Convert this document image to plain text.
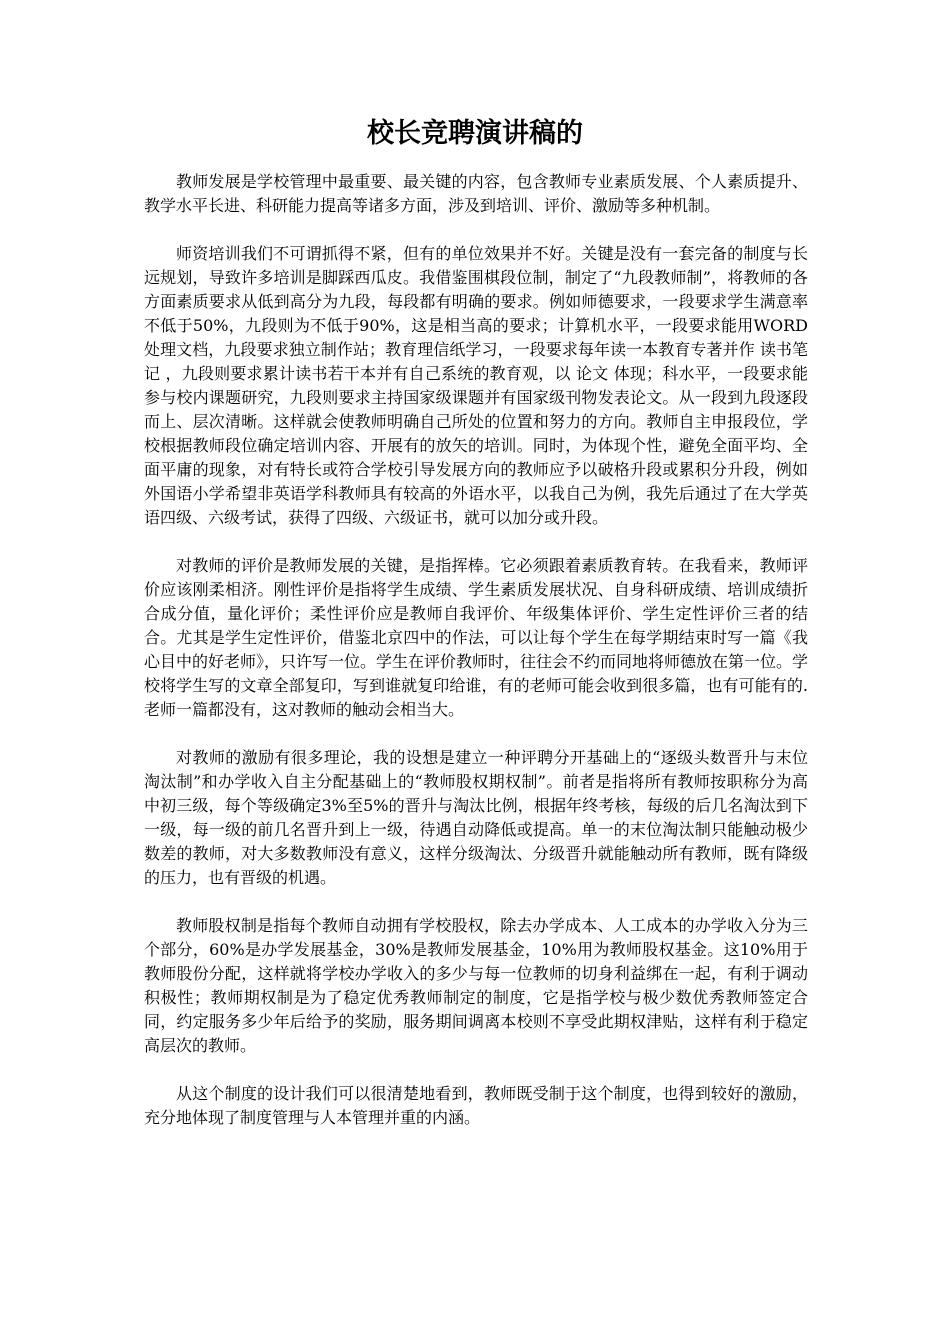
校长竞聘演讲稿的

教师发展是学校管理中最重要、最关键的内容，包含教师专业素质发展、个人素质提升、教学水平长进、科研能力提高等诸多方面，涉及到培训、评价、激励等多种机制。

师资培训我们不可谓抓得不紧，但有的单位效果并不好。关键是没有一套完备的制度与长远规划，导致许多培训是脚踩西瓜皮。我借鉴围棋段位制，制定了“九段教师制”，将教师的各方面素质要求从低到高分为九段，每段都有明确的要求。例如师德要求，一段要求学生满意率不低于50%，九段则为不低于90%，这是相当高的要求；计算机水平，一段要求能用WORD处理文档，九段要求独立制作站；教育理信纸学习，一段要求每年读一本教育专著并作 读书笔记 ，九段则要求累计读书若干本并有自己系统的教育观，以 论文 体现；科水平，一段要求能参与校内课题研究，九段则要求主持国家级课题并有国家级刊物发表论文。从一段到九段逐段而上、层次清晰。这样就会使教师明确自己所处的位置和努力的方向。教师自主申报段位，学校根据教师段位确定培训内容、开展有的放矢的培训。同时，为体现个性，避免全面平均、全面平庸的现象，对有特长或符合学校引导发展方向的教师应予以破格升段或累积分升段，例如外国语小学希望非英语学科教师具有较高的外语水平，以我自己为例，我先后通过了在大学英语四级、六级考试，获得了四级、六级证书，就可以加分或升段。

对教师的评价是教师发展的关键，是指挥棒。它必须跟着素质教育转。在我看来，教师评价应该刚柔相济。刚性评价是指将学生成绩、学生素质发展状况、自身科研成绩、培训成绩折合成分值，量化评价；柔性评价应是教师自我评价、年级集体评价、学生定性评价三者的结合。尤其是学生定性评价，借鉴北京四中的作法，可以让每个学生在每学期结束时写一篇《我心目中的好老师》，只许写一位。学生在评价教师时，往往会不约而同地将师德放在第一位。学校将学生写的文章全部复印，写到谁就复印给谁，有的老师可能会收到很多篇，也有可能有的.老师一篇都没有，这对教师的触动会相当大。

对教师的激励有很多理论，我的设想是建立一种评聘分开基础上的“逐级头数晋升与末位淘汰制”和办学收入自主分配基础上的“教师股权期权制”。前者是指将所有教师按职称分为高中初三级，每个等级确定3%至5%的晋升与淘汰比例，根据年终考核，每级的后几名淘汰到下一级，每一级的前几名晋升到上一级，待遇自动降低或提高。单一的末位淘汰制只能触动极少数差的教师，对大多数教师没有意义，这样分级淘汰、分级晋升就能触动所有教师，既有降级的压力，也有晋级的机遇。

教师股权制是指每个教师自动拥有学校股权，除去办学成本、人工成本的办学收入分为三个部分，60%是办学发展基金，30%是教师发展基金，10%用为教师股权基金。这10%用于教师股份分配，这样就将学校办学收入的多少与每一位教师的切身利益绑在一起，有利于调动积极性；教师期权制是为了稳定优秀教师制定的制度，它是指学校与极少数优秀教师签定合同，约定服务多少年后给予的奖励，服务期间调离本校则不享受此期权津贴，这样有利于稳定高层次的教师。

从这个制度的设计我们可以很清楚地看到，教师既受制于这个制度，也得到较好的激励，充分地体现了制度管理与人本管理并重的内涵。
